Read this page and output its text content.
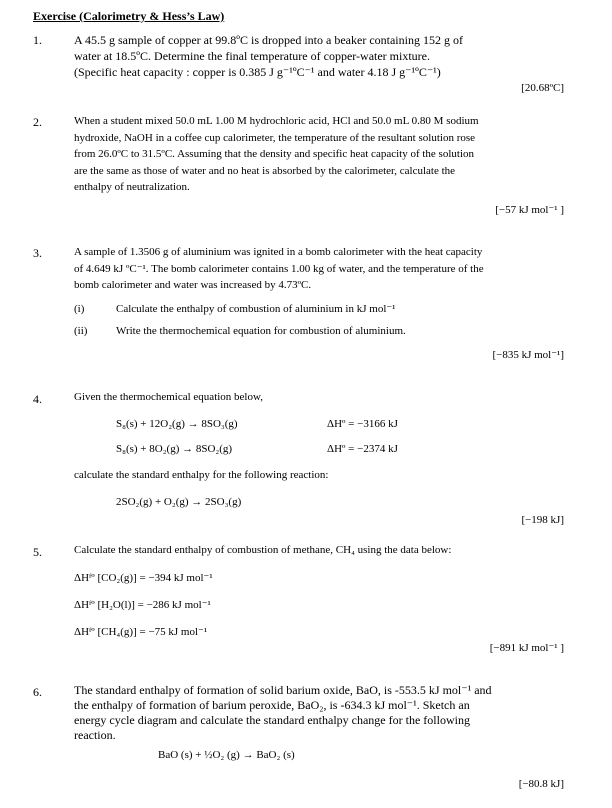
Exercise (Calorimetry & Hess’s Law)
1.	A 45.5 g sample of copper at 99.8ºC is dropped into a beaker containing 152 g of
water at 18.5ºC. Determine the final temperature of copper-water mixture.
(Specific heat capacity : copper is 0.385 J g⁻¹ºC⁻¹ and water 4.18 J g⁻¹ºC⁻¹)
[20.68ºC]
2.	When a student mixed 50.0 mL 1.00 M hydrochloric acid, HCl and 50.0 mL 0.80 M sodium
hydroxide, NaOH in a coffee cup calorimeter, the temperature of the resultant solution rose
from 26.0ºC to 31.5ºC. Assuming that the density and specific heat capacity of the solution
are the same as those of water and no heat is absorbed by the calorimeter, calculate the
enthalpy of neutralization.
[−57 kJ mol⁻¹ ]
3.	A sample of 1.3506 g of aluminium was ignited in a bomb calorimeter with the heat capacity
of 4.649 kJ ºC⁻¹. The bomb calorimeter contains 1.00 kg of water, and the temperature of the
bomb calorimeter and water was increased by 4.73ºC.
(i)	Calculate the enthalpy of combustion of aluminium in kJ mol⁻¹
(ii)	Write the thermochemical equation for combustion of aluminium.
[−835 kJ mol⁻¹]
4.	Given the thermochemical equation below,
S₈(s) + 12O₂(g) → 8SO₃(g)	ΔHº = −3166 kJ
S₈(s) + 8O₂(g) → 8SO₂(g)	ΔHº = −2374 kJ
calculate the standard enthalpy for the following reaction:
2SO₂(g) + O₂(g) → 2SO₃(g)
[−198 kJ]
5.	Calculate the standard enthalpy of combustion of methane, CH₄ using the data below:
ΔHᶠº [CO₂(g)] = −394 kJ mol⁻¹
ΔHᶠº [H₂O(l)] = −286 kJ mol⁻¹
ΔHᶠº [CH₄(g)] = −75 kJ mol⁻¹
[−891 kJ mol⁻¹ ]
6.	The standard enthalpy of formation of solid barium oxide, BaO, is -553.5 kJ mol⁻¹ and
the enthalpy of formation of barium peroxide, BaO₂, is -634.3 kJ mol⁻¹. Sketch an
energy cycle diagram and calculate the standard enthalpy change for the following
reaction.
BaO (s) + ½O₂ (g) → BaO₂ (s)
[−80.8 kJ]
